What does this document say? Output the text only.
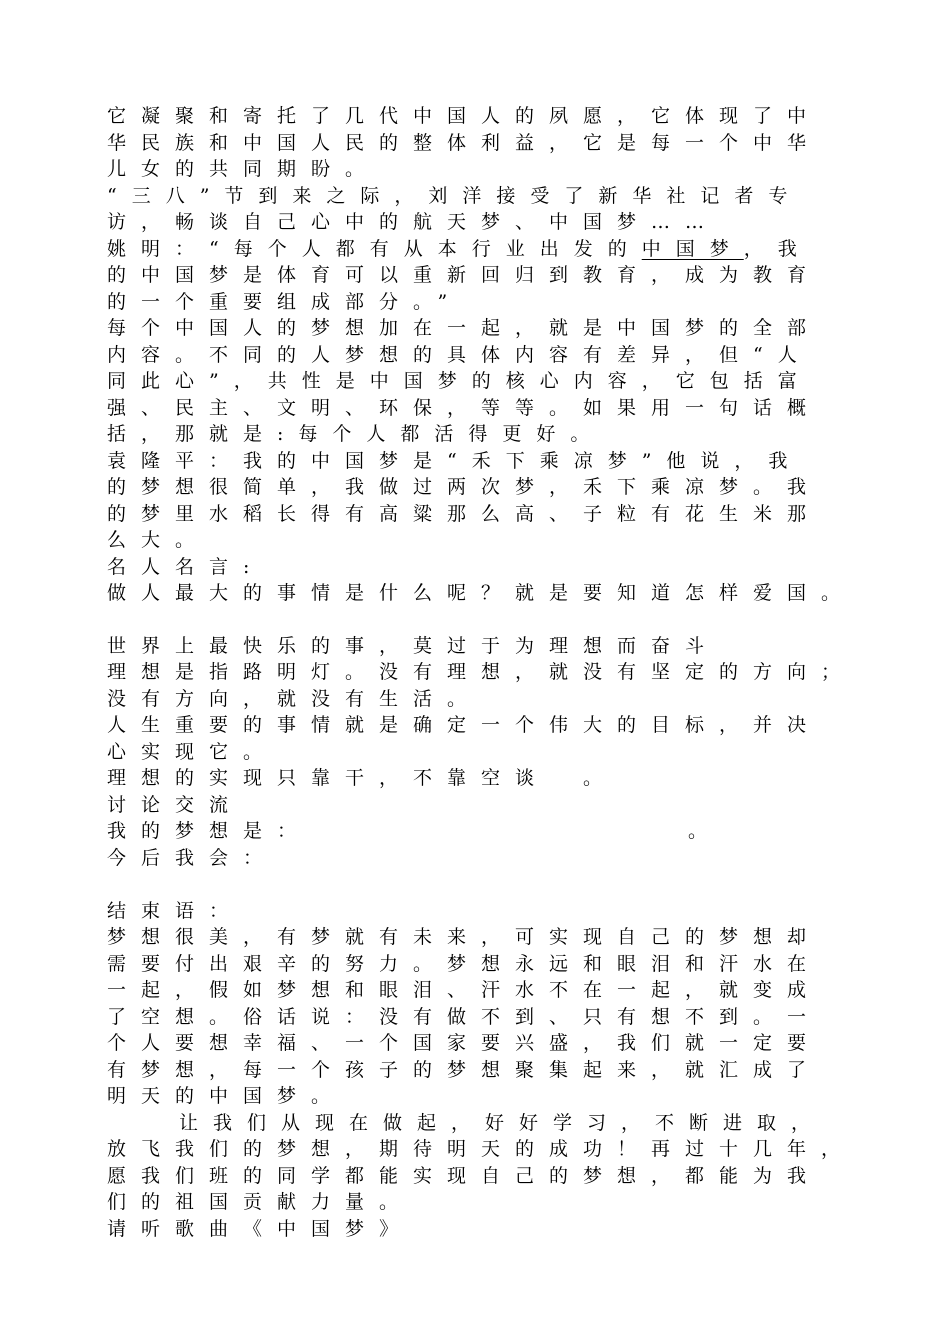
它凝聚和寄托了几代中国人的夙愿，它体现了中
华民族和中国人民的整体利益，它是每一个中华
儿女的共同期盼。
“三八”节到来之际，刘洋接受了新华社记者专
访，畅谈自己心中的航天梦、中国梦……
姚明：“每个人都有从本行业出发的中国梦，我
的中国梦是体育可以重新回归到教育，成为教育
的一个重要组成部分。”
每个中国人的梦想加在一起，就是中国梦的全部
内容。不同的人梦想的具体内容有差异，但“人
同此心”，共性是中国梦的核心内容，它包括富
强、民主、文明、环保，等等。如果用一句话概
括，那就是:每个人都活得更好。
袁隆平：我的中国梦是“禾下乘凉梦”他说，我
的梦想很简单，我做过两次梦，禾下乘凉梦。我
的梦里水稻长得有高粱那么高、子粒有花生米那
么大。
名人名言:
做人最大的事情是什么呢？就是要知道怎样爱国。
世界上最快乐的事，莫过于为理想而奋斗
理想是指路明灯。没有理想，就没有坚定的方向；
没有方向，就没有生活。
人生重要的事情就是确定一个伟大的目标，并决
心实现它。
理想的实现只靠干，不靠空谈　。
讨论交流
我的梦想是：	。
今后我会：
结束语：
梦想很美，有梦就有未来，可实现自己的梦想却
需要付出艰辛的努力。梦想永远和眼泪和汗水在
一起，假如梦想和眼泪、汗水不在一起，就变成
了空想。俗话说：没有做不到、只有想不到。一
个人要想幸福、一个国家要兴盛，我们就一定要
有梦想，每一个孩子的梦想聚集起来，就汇成了
明天的中国梦。
让我们从现在做起，好好学习，不断进取，
放飞我们的梦想，期待明天的成功！再过十几年，
愿我们班的同学都能实现自己的梦想，都能为我
们的祖国贡献力量。
请听歌曲《中国梦》
